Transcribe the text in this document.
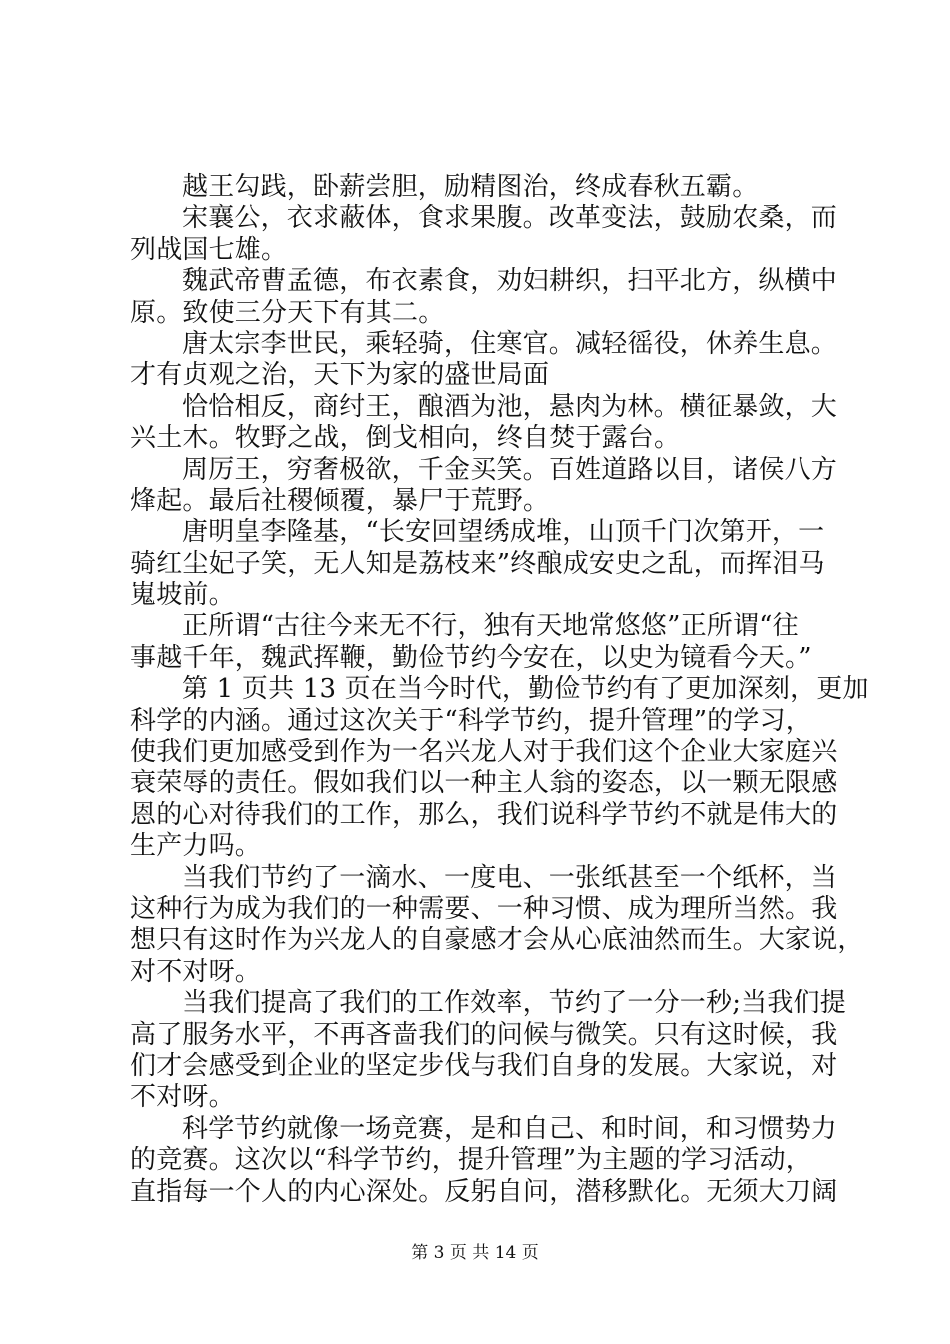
越王勾践，卧薪尝胆，励精图治，终成春秋五霸。
宋襄公，衣求蔽体，食求果腹。改革变法，鼓励农桑，而
列战国七雄。
魏武帝曹孟德，布衣素食，劝妇耕织，扫平北方，纵横中
原。致使三分天下有其二。
唐太宗李世民，乘轻骑，住寒官。减轻徭役，休养生息。
才有贞观之治，天下为家的盛世局面
恰恰相反，商纣王，酿酒为池，悬肉为林。横征暴敛，大
兴土木。牧野之战，倒戈相向，终自焚于露台。
周厉王，穷奢极欲，千金买笑。百姓道路以目，诸侯八方
烽起。最后社稷倾覆，暴尸于荒野。
唐明皇李隆基，“长安回望绣成堆，山顶千门次第开，一
骑红尘妃子笑，无人知是荔枝来”终酿成安史之乱，而挥泪马
嵬坡前。
正所谓“古往今来无不行，独有天地常悠悠”正所谓“往
事越千年，魏武挥鞭，勤俭节约今安在，以史为镜看今天。”
第 1 页共 13 页在当今时代，勤俭节约有了更加深刻，更加
科学的内涵。通过这次关于“科学节约，提升管理”的学习，
使我们更加感受到作为一名兴龙人对于我们这个企业大家庭兴
衰荣辱的责任。假如我们以一种主人翁的姿态，以一颗无限感
恩的心对待我们的工作，那么，我们说科学节约不就是伟大的
生产力吗。
当我们节约了一滴水、一度电、一张纸甚至一个纸杯，当
这种行为成为我们的一种需要、一种习惯、成为理所当然。我
想只有这时作为兴龙人的自豪感才会从心底油然而生。大家说，
对不对呀。
当我们提高了我们的工作效率，节约了一分一秒;当我们提
高了服务水平，不再吝啬我们的问候与微笑。只有这时候，我
们才会感受到企业的坚定步伐与我们自身的发展。大家说，对
不对呀。
科学节约就像一场竞赛，是和自己、和时间，和习惯势力
的竞赛。这次以“科学节约，提升管理”为主题的学习活动，
直指每一个人的内心深处。反躬自问，潜移默化。无须大刀阔
第 3 页 共 14 页
